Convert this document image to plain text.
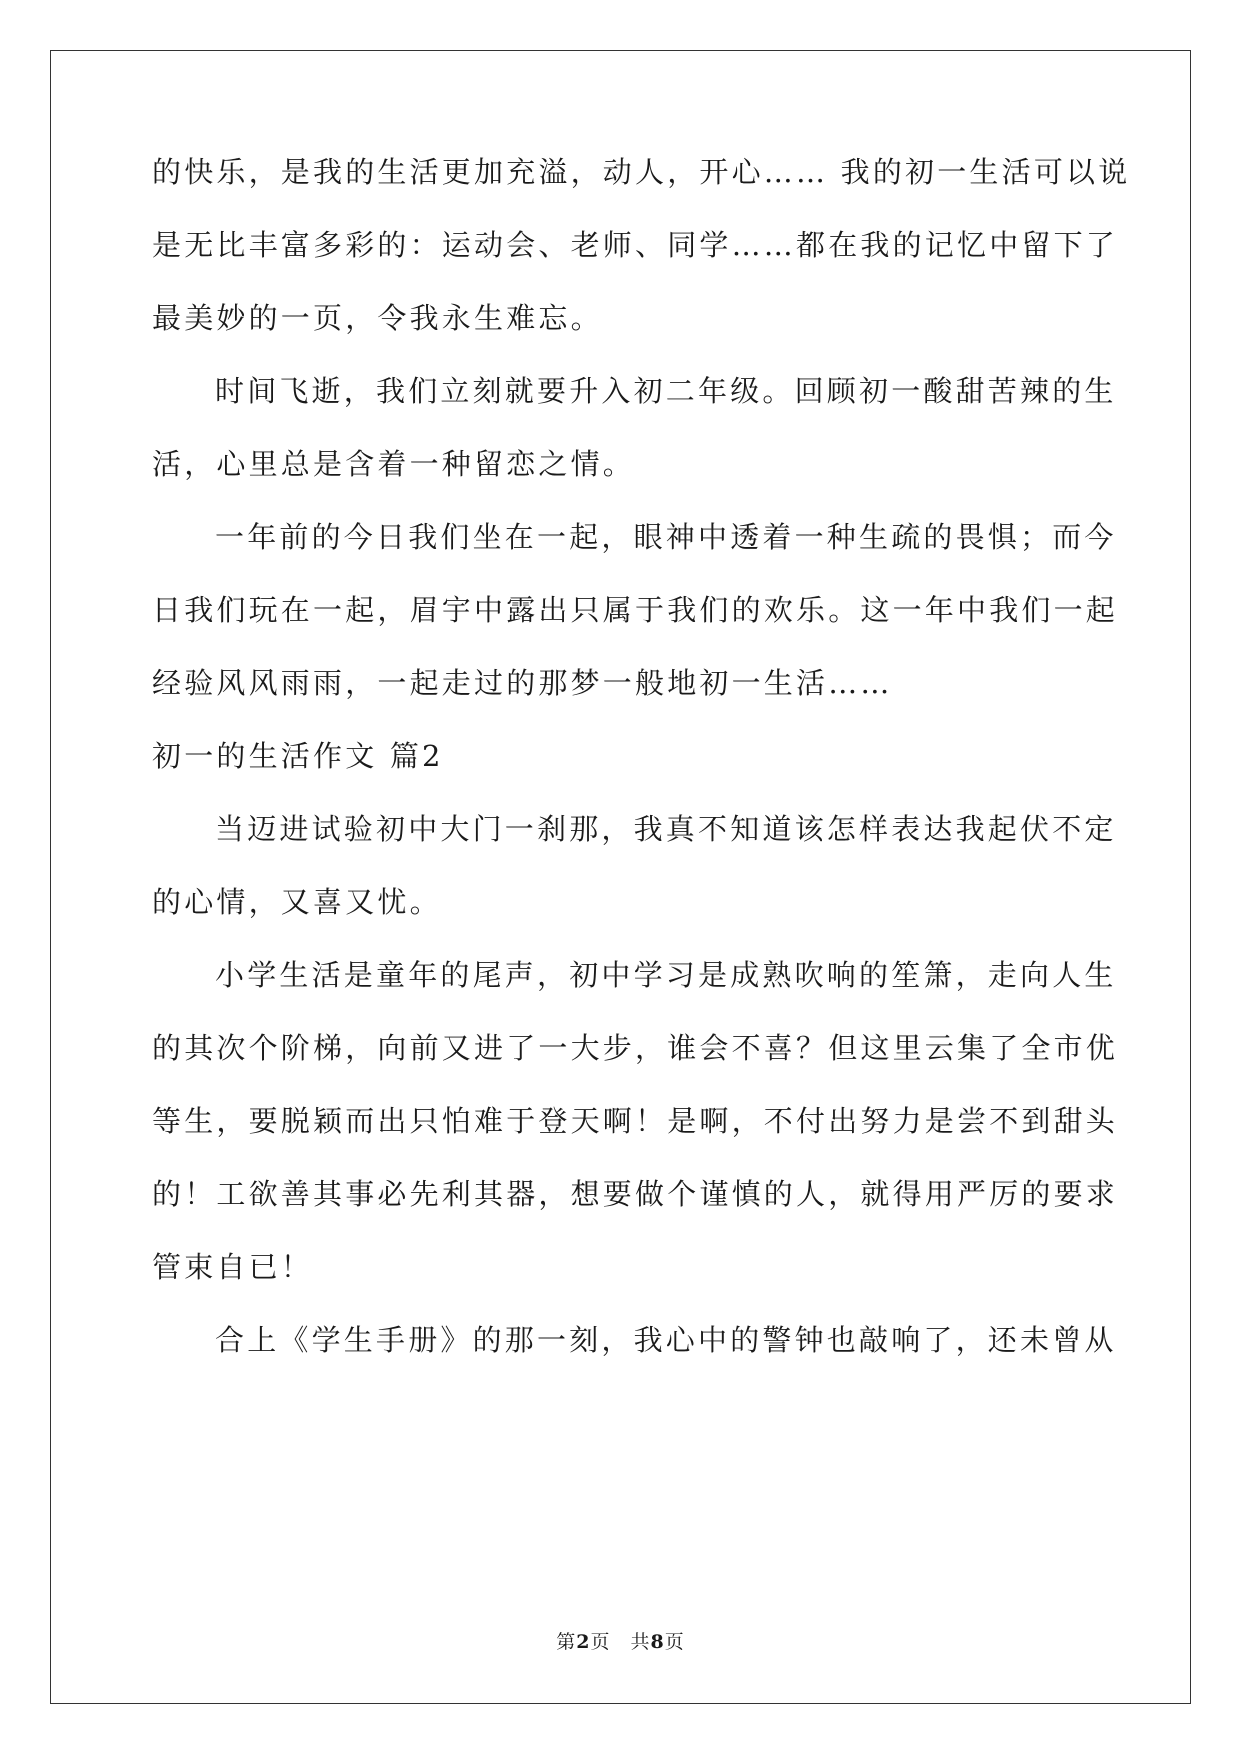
的快乐，是我的生活更加充溢，动人，开心…… 我的初一生活可以说
是无比丰富多彩的：运动会、老师、同学……都在我的记忆中留下了
最美妙的一页，令我永生难忘。
时间飞逝，我们立刻就要升入初二年级。回顾初一酸甜苦辣的生
活，心里总是含着一种留恋之情。
一年前的今日我们坐在一起，眼神中透着一种生疏的畏惧；而今
日我们玩在一起，眉宇中露出只属于我们的欢乐。这一年中我们一起
经验风风雨雨，一起走过的那梦一般地初一生活……
初一的生活作文 篇2
当迈进试验初中大门一刹那，我真不知道该怎样表达我起伏不定
的心情，又喜又忧。
小学生活是童年的尾声，初中学习是成熟吹响的笙箫，走向人生
的其次个阶梯，向前又进了一大步，谁会不喜？但这里云集了全市优
等生，要脱颖而出只怕难于登天啊！是啊，不付出努力是尝不到甜头
的！工欲善其事必先利其器，想要做个谨慎的人，就得用严厉的要求
管束自已！
合上《学生手册》的那一刻，我心中的警钟也敲响了，还未曾从
第2页　共8页
